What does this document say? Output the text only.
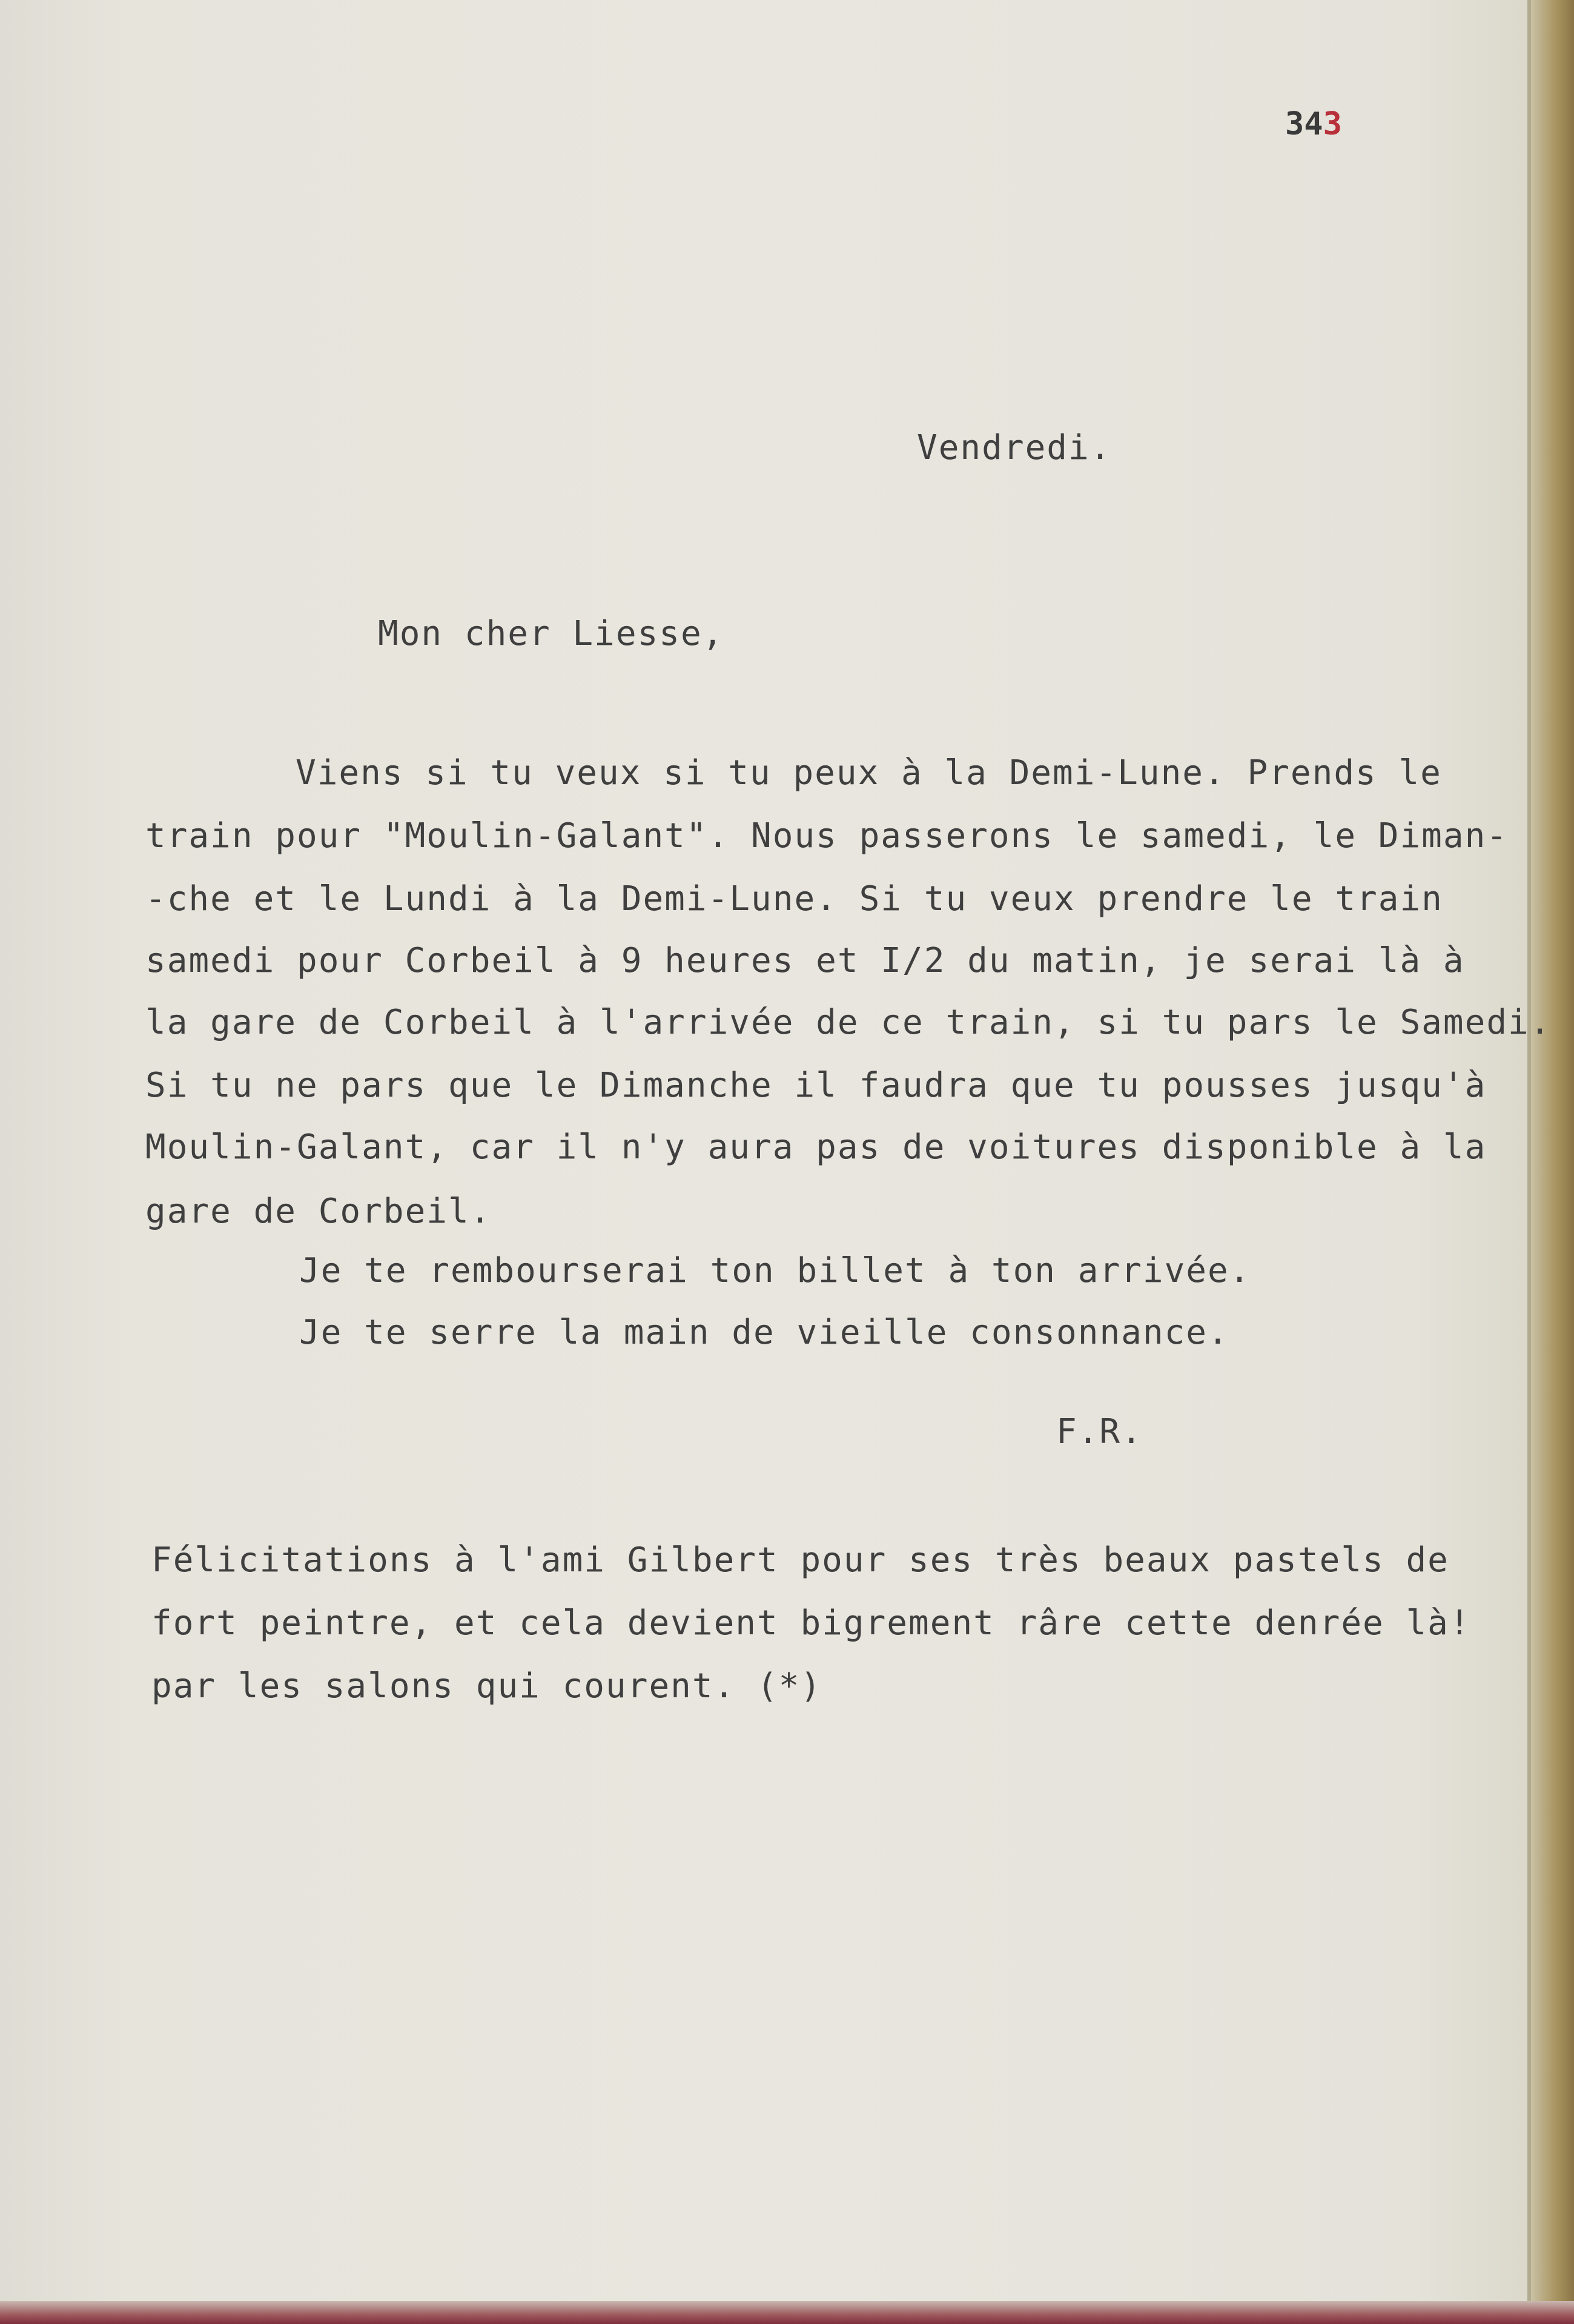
343

Vendredi.

Mon cher Liesse,

Viens si tu veux si tu peux à la Demi-Lune. Prends le

train pour "Moulin-Galant". Nous passerons le samedi, le Diman-

-che et le Lundi à la Demi-Lune. Si tu veux prendre le train

samedi pour Corbeil à 9 heures et I/2 du matin, je serai là à

la gare de Corbeil à l'arrivée de ce train, si tu pars le Samedi.

Si tu ne pars que le Dimanche il faudra que tu pousses jusqu'à

Moulin-Galant, car il n'y aura pas de voitures disponible à la

gare de Corbeil.

Je te rembourserai ton billet à ton arrivée.

Je te serre la main de vieille consonnance.

F.R.

Félicitations à l'ami Gilbert pour ses très beaux pastels de

fort peintre, et cela devient bigrement râre cette denrée là!

par les salons qui courent. (*)
